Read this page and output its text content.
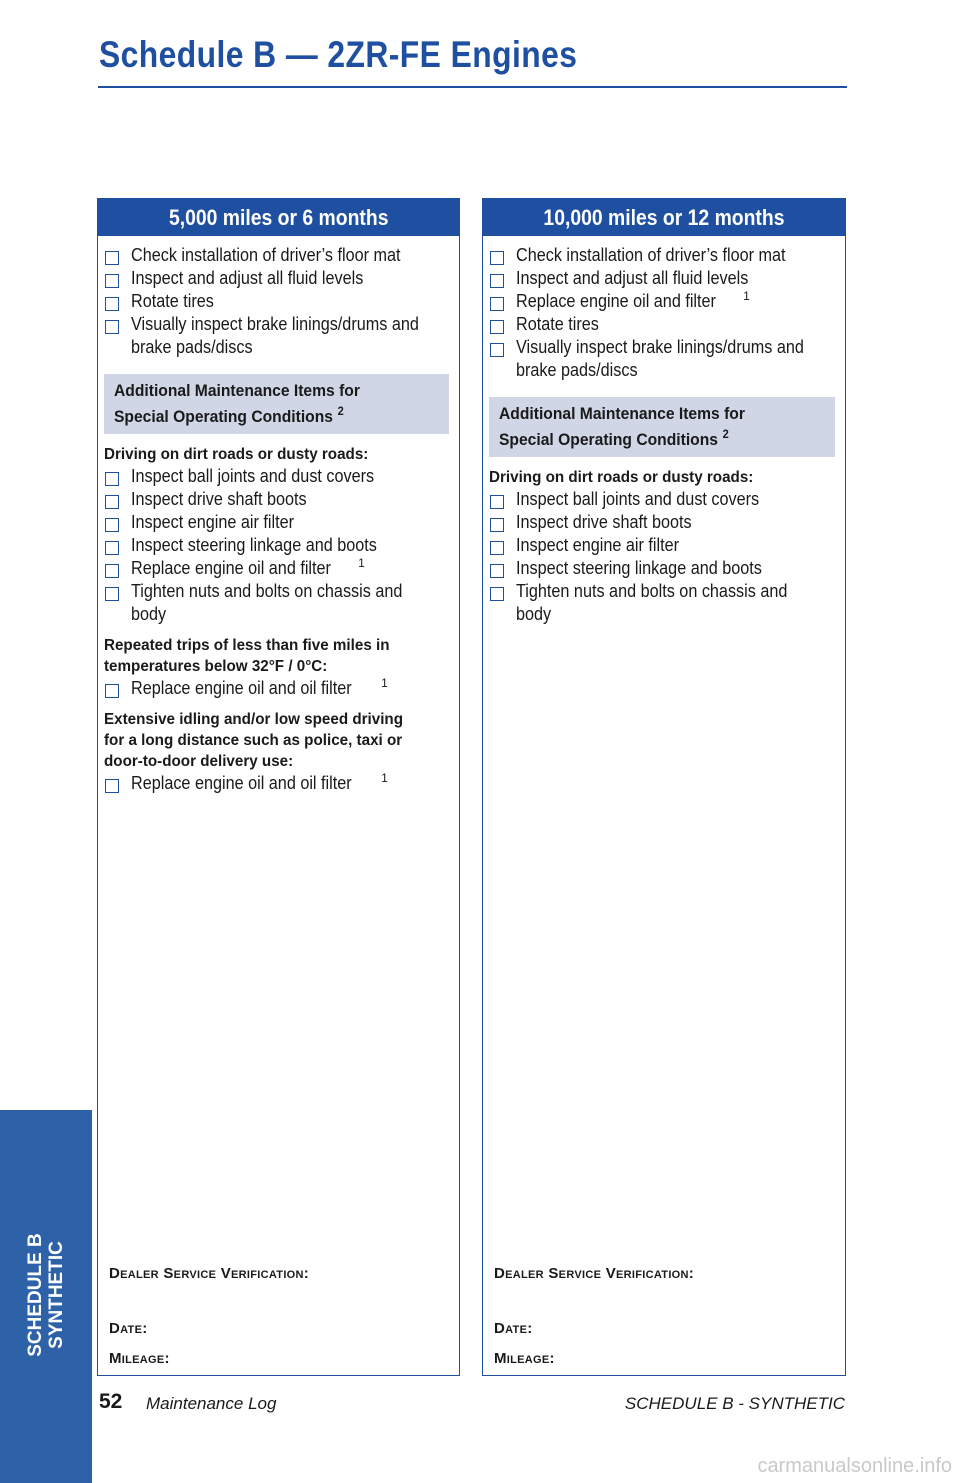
Schedule B — 2ZR-FE Engines
5,000 miles or 6 months
Check installation of driver’s floor mat
Inspect and adjust all fluid levels
Rotate tires
Visually inspect brake linings/drums and
brake pads/discs
Additional Maintenance Items for
Special Operating Conditions $^2$
Driving on dirt roads or dusty roads:
Inspect ball joints and dust covers
Inspect drive shaft boots
Inspect engine air filter
Inspect steering linkage and boots
Replace engine oil and filter $^1$
Tighten nuts and bolts on chassis and
body
Repeated trips of less than five miles in
temperatures below 32°F / 0°C:
Replace engine oil and oil filter $^1$
Extensive idling and/or low speed driving
for a long distance such as police, taxi or
door-to-door delivery use:
Replace engine oil and oil filter $^1$
Dealer Service Verification:
Date:
Mileage:
10,000 miles or 12 months
Check installation of driver’s floor mat
Inspect and adjust all fluid levels
Replace engine oil and filter $^1$
Rotate tires
Visually inspect brake linings/drums and
brake pads/discs
Additional Maintenance Items for
Special Operating Conditions $^2$
Driving on dirt roads or dusty roads:
Inspect ball joints and dust covers
Inspect drive shaft boots
Inspect engine air filter
Inspect steering linkage and boots
Tighten nuts and bolts on chassis and
body
Dealer Service Verification:
Date:
Mileage:
SCHEDULE B SYNTHETIC
52 Maintenance Log	SCHEDULE B - SYNTHETIC
carmanualsonline.info
